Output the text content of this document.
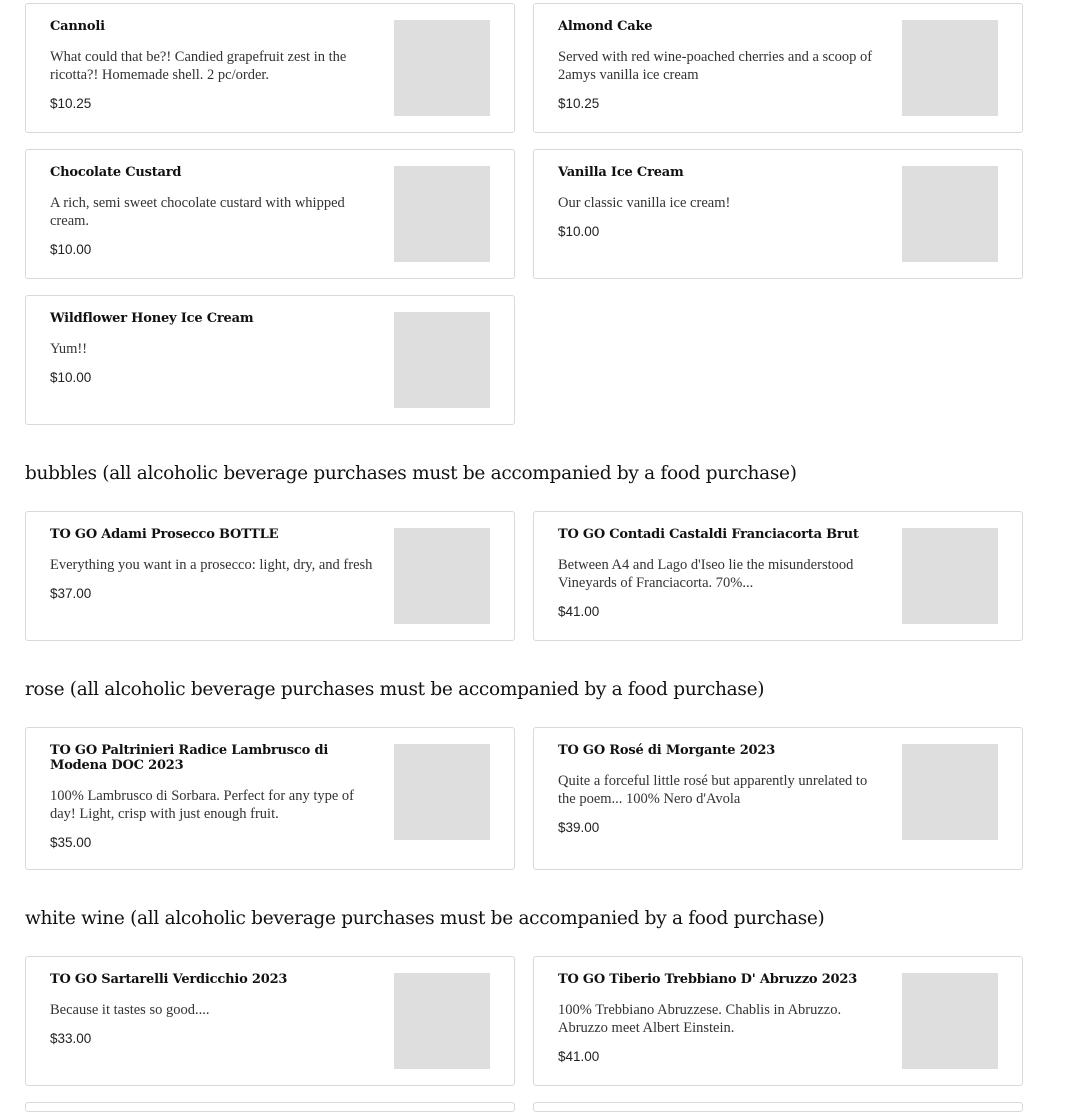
Cannoli
What could that be?! Candied grapefruit zest in the ricotta?! Homemade shell. 2 pc/order.
$10.25
Almond Cake
Served with red wine-poached cherries and a scoop of 2amys vanilla ice cream
$10.25
Chocolate Custard
A rich, semi sweet chocolate custard with whipped cream.
$10.00
Vanilla Ice Cream
Our classic vanilla ice cream!
$10.00
Wildflower Honey Ice Cream
Yum!!
$10.00
bubbles (all alcoholic beverage purchases must be accompanied by a food purchase)
TO GO Adami Prosecco BOTTLE
Everything you want in a prosecco: light, dry, and fresh
$37.00
TO GO Contadi Castaldi Franciacorta Brut
Between A4 and Lago d'Iseo lie the misunderstood Vineyards of Franciacorta. 70%...
$41.00
rose (all alcoholic beverage purchases must be accompanied by a food purchase)
TO GO Paltrinieri Radice Lambrusco di Modena DOC 2023
100% Lambrusco di Sorbara. Perfect for any type of day! Light, crisp with just enough fruit.
$35.00
TO GO Rosé di Morgante 2023
Quite a forceful little rosé but apparently unrelated to the poem... 100% Nero d'Avola
$39.00
white wine (all alcoholic beverage purchases must be accompanied by a food purchase)
TO GO Sartarelli Verdicchio 2023
Because it tastes so good....
$33.00
TO GO Tiberio Trebbiano D' Abruzzo 2023
100% Trebbiano Abruzzese. Chablis in Abruzzo. Abruzzo meet Albert Einstein.
$41.00
